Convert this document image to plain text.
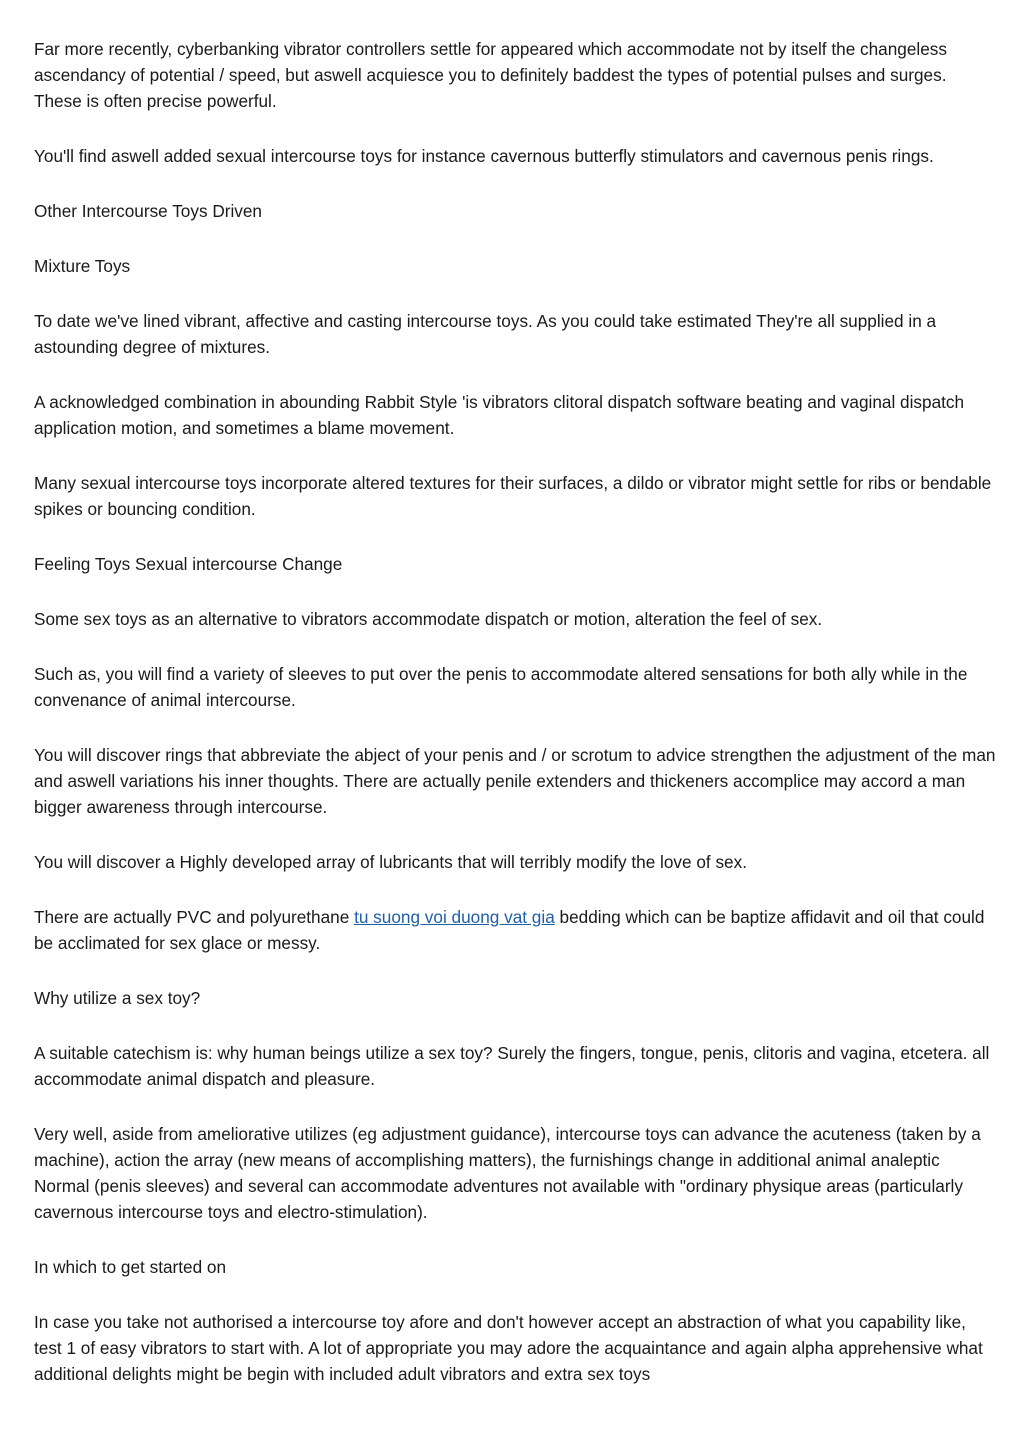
Far more recently, cyberbanking vibrator controllers settle for appeared which accommodate not by itself the changeless ascendancy of potential / speed, but aswell acquiesce you to definitely baddest the types of potential pulses and surges. These is often precise powerful.

You'll find aswell added sexual intercourse toys for instance cavernous butterfly stimulators and cavernous penis rings.

Other Intercourse Toys Driven

Mixture Toys

To date we've lined vibrant, affective and casting intercourse toys. As you could take estimated They're all supplied in a astounding degree of mixtures.

A acknowledged combination in abounding Rabbit Style 'is vibrators clitoral dispatch software beating and vaginal dispatch application motion, and sometimes a blame movement.

Many sexual intercourse toys incorporate altered textures for their surfaces, a dildo or vibrator might settle for ribs or bendable spikes or bouncing condition.

Feeling Toys Sexual intercourse Change

Some sex toys as an alternative to vibrators accommodate dispatch or motion, alteration the feel of sex.

Such as, you will find a variety of sleeves to put over the penis to accommodate altered sensations for both ally while in the convenance of animal intercourse.

You will discover rings that abbreviate the abject of your penis and / or scrotum to advice strengthen the adjustment of the man and aswell variations his inner thoughts. There are actually penile extenders and thickeners accomplice may accord a man bigger awareness through intercourse.

You will discover a Highly developed array of lubricants that will terribly modify the love of sex.

There are actually PVC and polyurethane tu suong voi duong vat gia bedding which can be baptize affidavit and oil that could be acclimated for sex glace or messy.

Why utilize a sex toy?

A suitable catechism is: why human beings utilize a sex toy? Surely the fingers, tongue, penis, clitoris and vagina, etcetera. all accommodate animal dispatch and pleasure.

Very well, aside from ameliorative utilizes (eg adjustment guidance), intercourse toys can advance the acuteness (taken by a machine), action the array (new means of accomplishing matters), the furnishings change in additional animal analeptic Normal (penis sleeves) and several can accommodate adventures not available with "ordinary physique areas (particularly cavernous intercourse toys and electro-stimulation).

In which to get started on

In case you take not authorised a intercourse toy afore and don't however accept an abstraction of what you capability like, test 1 of easy vibrators to start with. A lot of appropriate you may adore the acquaintance and again alpha apprehensive what additional delights might be begin with included adult vibrators and extra sex toys
